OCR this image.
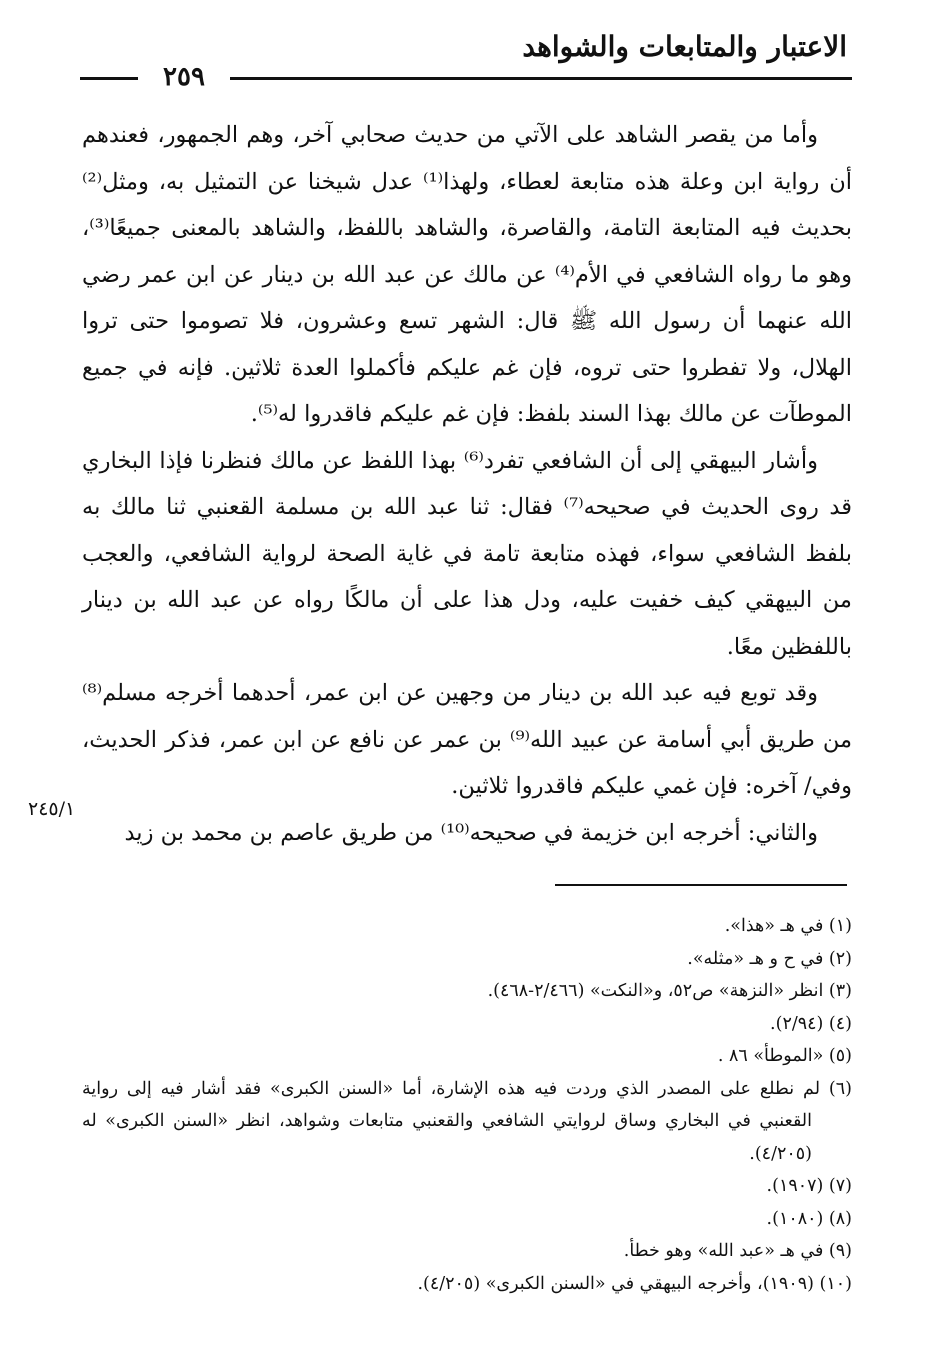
الاعتبار والمتابعات والشواهد
٢٥٩

وأما من يقصر الشاهد على الآتي من حديث صحابي آخر، وهم الجمهور، فعندهم أن رواية ابن وعلة هذه متابعة لعطاء، ولهذا⁽¹⁾ عدل شيخنا عن التمثيل به، ومثل⁽²⁾ بحديث فيه المتابعة التامة، والقاصرة، والشاهد باللفظ، والشاهد بالمعنى جميعًا⁽³⁾، وهو ما رواه الشافعي في الأم⁽⁴⁾ عن مالك عن عبد الله بن دينار عن ابن عمر رضي الله عنهما أن رسول الله ﷺ قال: الشهر تسع وعشرون، فلا تصوموا حتى تروا الهلال، ولا تفطروا حتى تروه، فإن غم عليكم فأكملوا العدة ثلاثين. فإنه في جميع الموطآت عن مالك بهذا السند بلفظ: فإن غم عليكم فاقدروا له⁽⁵⁾.

وأشار البيهقي إلى أن الشافعي تفرد⁽⁶⁾ بهذا اللفظ عن مالك فنظرنا فإذا البخاري قد روى الحديث في صحيحه⁽⁷⁾ فقال: ثنا عبد الله بن مسلمة القعنبي ثنا مالك به بلفظ الشافعي سواء، فهذه متابعة تامة في غاية الصحة لرواية الشافعي، والعجب من البيهقي كيف خفيت عليه، ودل هذا على أن مالكًا رواه عن عبد الله بن دينار باللفظين معًا.

وقد توبع فيه عبد الله بن دينار من وجهين عن ابن عمر، أحدهما أخرجه مسلم⁽⁸⁾ من طريق أبي أسامة عن عبيد الله⁽⁹⁾ بن عمر عن نافع عن ابن عمر، فذكر الحديث، وفي/ آخره: فإن غمي عليكم فاقدروا ثلاثين.

والثاني: أخرجه ابن خزيمة في صحيحه⁽¹⁰⁾ من طريق عاصم بن محمد بن زيد

٢٤٥/١

(١) في هـ «هذا».

(٢) في ح و هـ «مثله».

(٣) انظر «النزهة» ص٥٢، و«النكت» (٢/٤٦٦-٤٦٨).

(٤) (٢/٩٤).

(٥) «الموطأ» ٨٦ .

(٦) لم نطلع على المصدر الذي وردت فيه هذه الإشارة، أما «السنن الكبرى» فقد أشار فيه إلى رواية القعنبي في البخاري وساق لروايتي الشافعي والقعنبي متابعات وشواهد، انظر «السنن الكبرى» له (٤/٢٠٥).

(٧) (١٩٠٧).

(٨) (١٠٨٠).

(٩) في هـ «عبد الله» وهو خطأ.

(١٠) (١٩٠٩)، وأخرجه البيهقي في «السنن الكبرى» (٤/٢٠٥).
